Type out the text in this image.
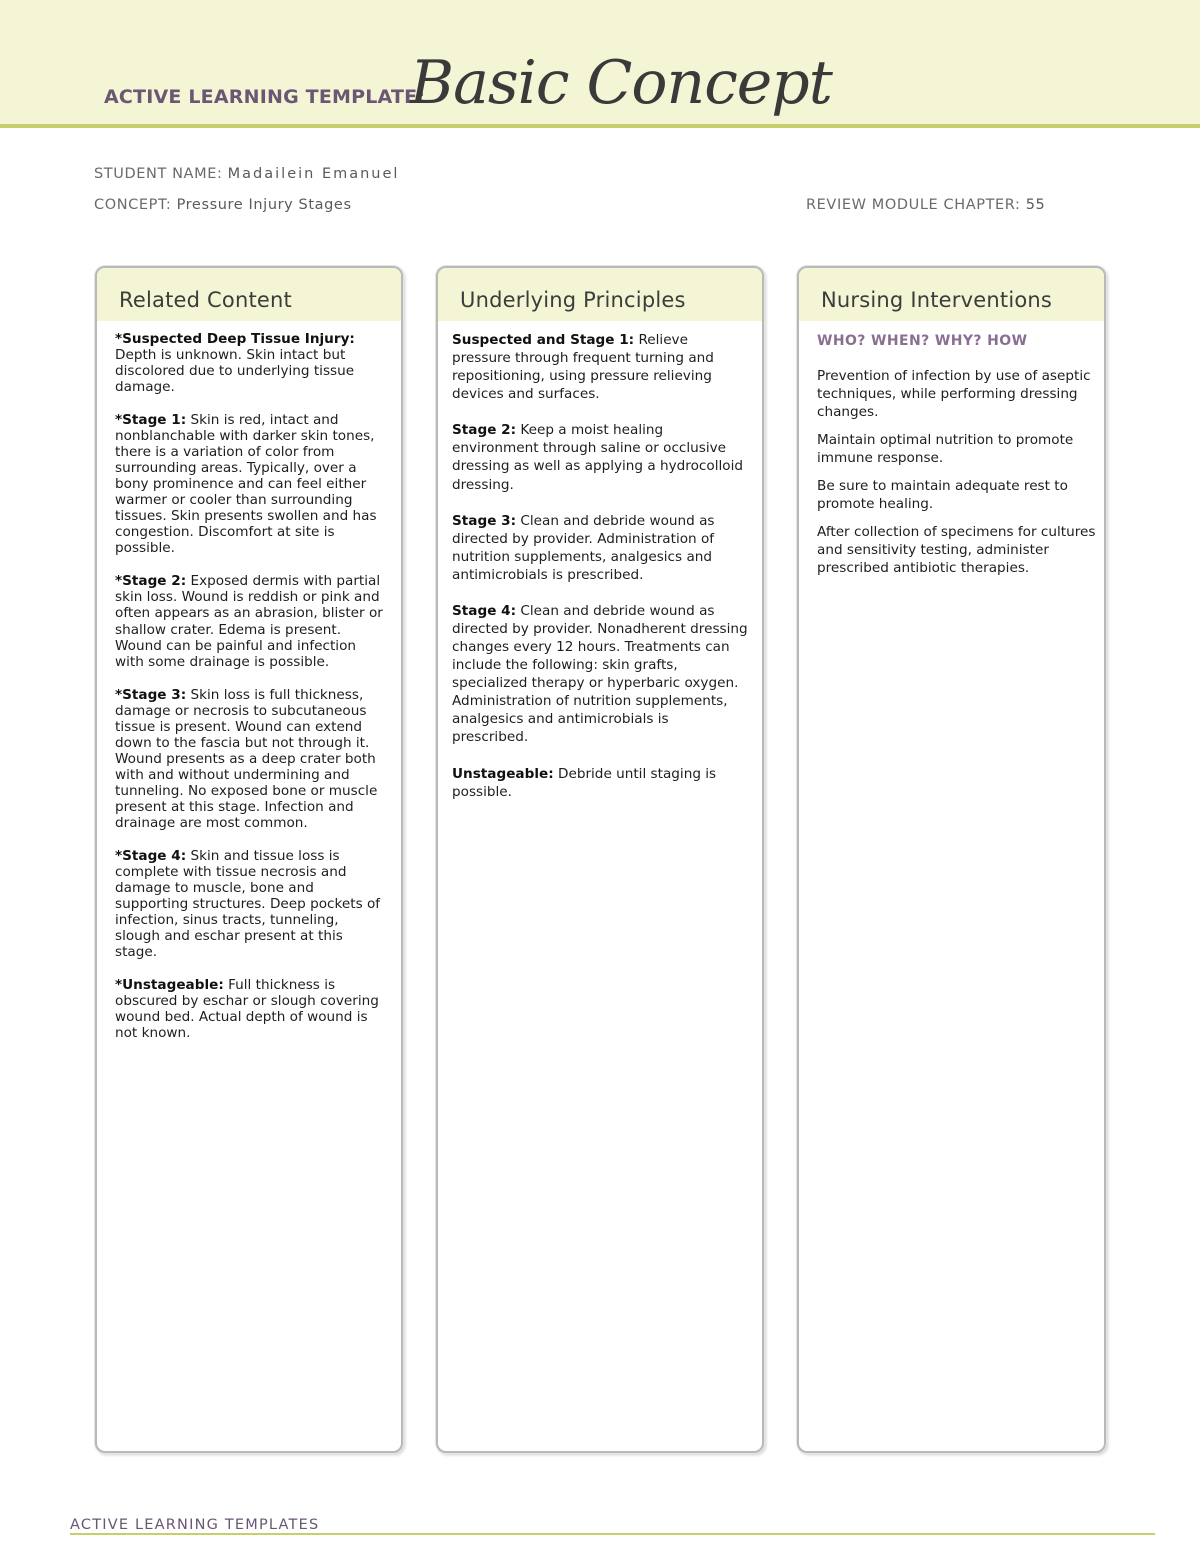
ACTIVE LEARNING TEMPLATE:
Basic Concept
STUDENT NAME: Madailein Emanuel
CONCEPT: Pressure Injury Stages	REVIEW MODULE CHAPTER: 55
Related Content

*Suspected Deep Tissue Injury: Depth is unknown. Skin intact but discolored due to underlying tissue damage.

*Stage 1: Skin is red, intact and nonblanchable with darker skin tones, there is a variation of color from surrounding areas. Typically, over a bony prominence and can feel either warmer or cooler than surrounding tissues. Skin presents swollen and has congestion. Discomfort at site is possible.

*Stage 2: Exposed dermis with partial skin loss. Wound is reddish or pink and often appears as an abrasion, blister or shallow crater. Edema is present. Wound can be painful and infection with some drainage is possible.

*Stage 3: Skin loss is full thickness, damage or necrosis to subcutaneous tissue is present. Wound can extend down to the fascia but not through it. Wound presents as a deep crater both with and without undermining and tunneling. No exposed bone or muscle present at this stage. Infection and drainage are most common.

*Stage 4: Skin and tissue loss is complete with tissue necrosis and damage to muscle, bone and supporting structures. Deep pockets of infection, sinus tracts, tunneling, slough and eschar present at this stage.

*Unstageable: Full thickness is obscured by eschar or slough covering wound bed. Actual depth of wound is not known.

Underlying Principles

Suspected and Stage 1: Relieve pressure through frequent turning and repositioning, using pressure relieving devices and surfaces.

Stage 2: Keep a moist healing environment through saline or occlusive dressing as well as applying a hydrocolloid dressing.

Stage 3: Clean and debride wound as directed by provider. Administration of nutrition supplements, analgesics and antimicrobials is prescribed.

Stage 4: Clean and debride wound as directed by provider. Nonadherent dressing changes every 12 hours. Treatments can include the following: skin grafts, specialized therapy or hyperbaric oxygen. Administration of nutrition supplements, analgesics and antimicrobials is prescribed.

Unstageable: Debride until staging is possible.

Nursing Interventions

WHO? WHEN? WHY? HOW

Prevention of infection by use of aseptic techniques, while performing dressing changes.

Maintain optimal nutrition to promote immune response.

Be sure to maintain adequate rest to promote healing.

After collection of specimens for cultures and sensitivity testing, administer prescribed antibiotic therapies.

ACTIVE LEARNING TEMPLATES
